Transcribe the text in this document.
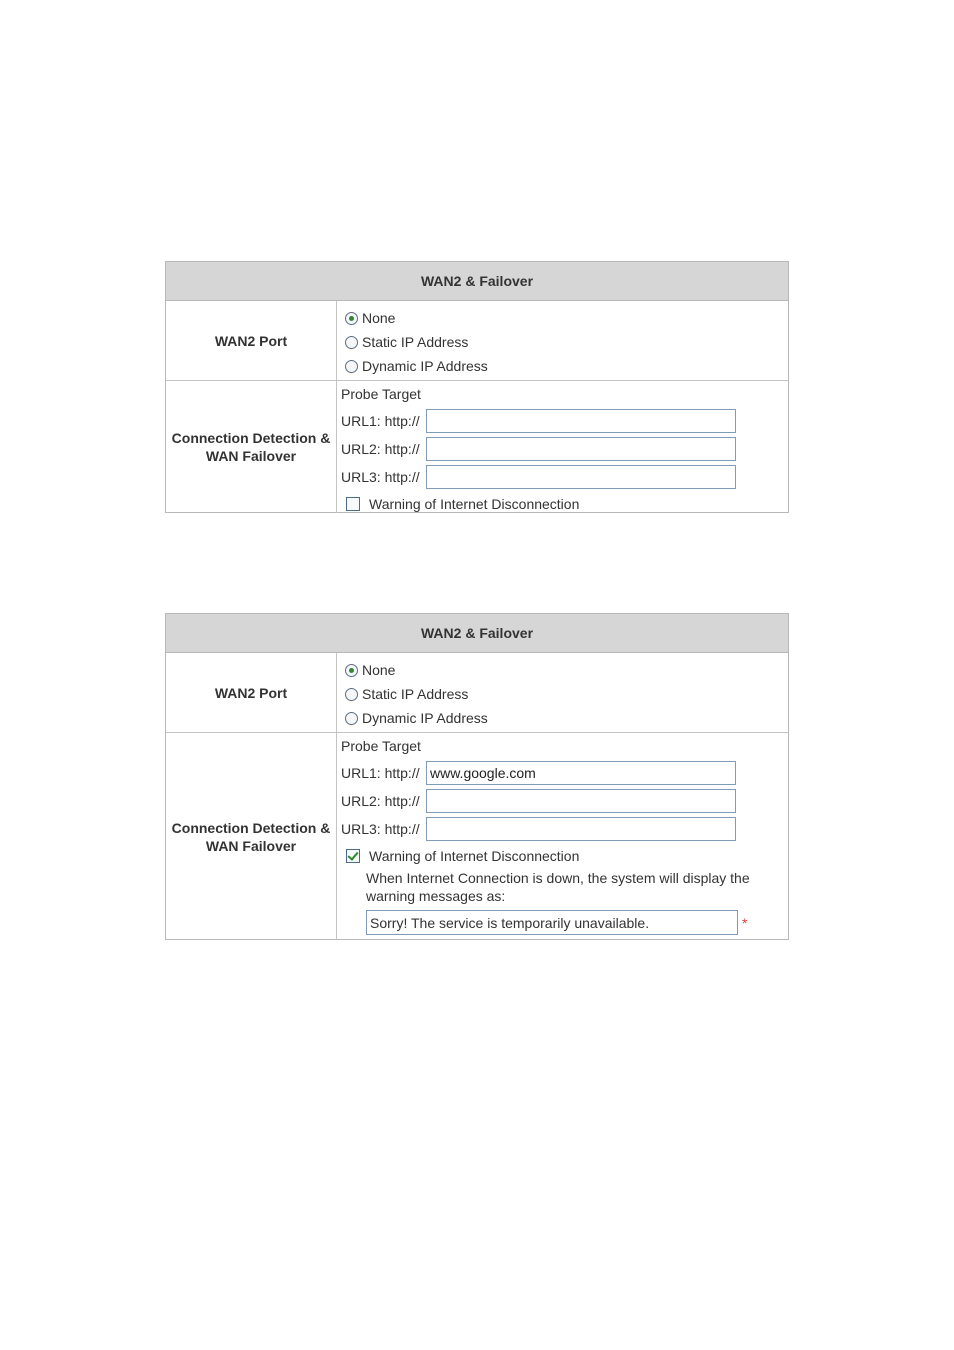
WAN2 & Failover
WAN2 Port
None
Static IP Address
Dynamic IP Address
Connection Detection & WAN Failover
Probe Target
URL1: http://
URL2: http://
URL3: http://
Warning of Internet Disconnection
WAN2 & Failover
WAN2 Port
None
Static IP Address
Dynamic IP Address
Connection Detection & WAN Failover
Probe Target
URL1: http://
www.google.com
URL2: http://
URL3: http://
Warning of Internet Disconnection
When Internet Connection is down, the system will display the warning messages as:
Sorry! The service is temporarily unavailable.
*
